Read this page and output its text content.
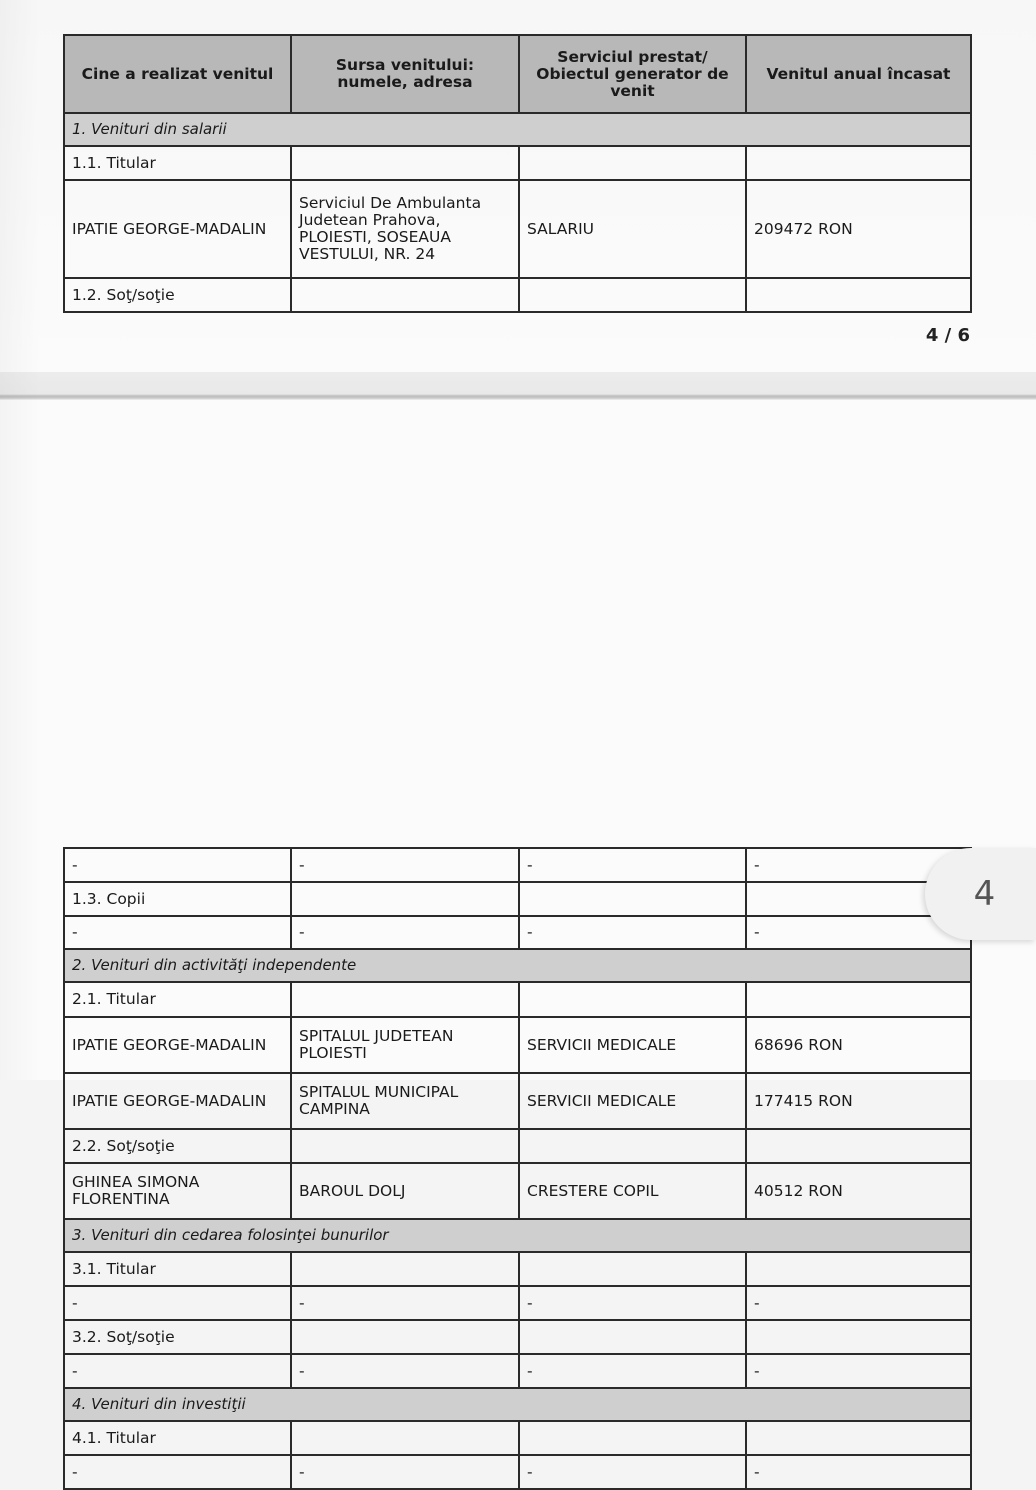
Cine a realizat venitul	Sursa venitului: numele, adresa	Serviciul prestat/ Obiectul generator de venit	Venitul anual încasat
1. Venituri din salarii			
1.1. Titular			
IPATIE GEORGE-MADALIN	Serviciul De Ambulanta Judetean Prahova, PLOIESTI, SOSEAUA VESTULUI, NR. 24	SALARIU	209472 RON
1.2. Soţ/soţie			
4 / 6
-	-	-	-
1.3. Copii			
-	-	-	-
2. Venituri din activităţi independente			
2.1. Titular			
IPATIE GEORGE-MADALIN	SPITALUL JUDETEAN PLOIESTI	SERVICII MEDICALE	68696 RON
IPATIE GEORGE-MADALIN	SPITALUL MUNICIPAL CAMPINA	SERVICII MEDICALE	177415 RON
2.2. Soţ/soţie			
GHINEA SIMONA FLORENTINA	BAROUL DOLJ	CRESTERE COPIL	40512 RON
3. Venituri din cedarea folosinţei bunurilor			
3.1. Titular			
-	-	-	-
3.2. Soţ/soţie			
-	-	-	-
4. Venituri din investiţii			
4.1. Titular			
-	-	-	-
4
